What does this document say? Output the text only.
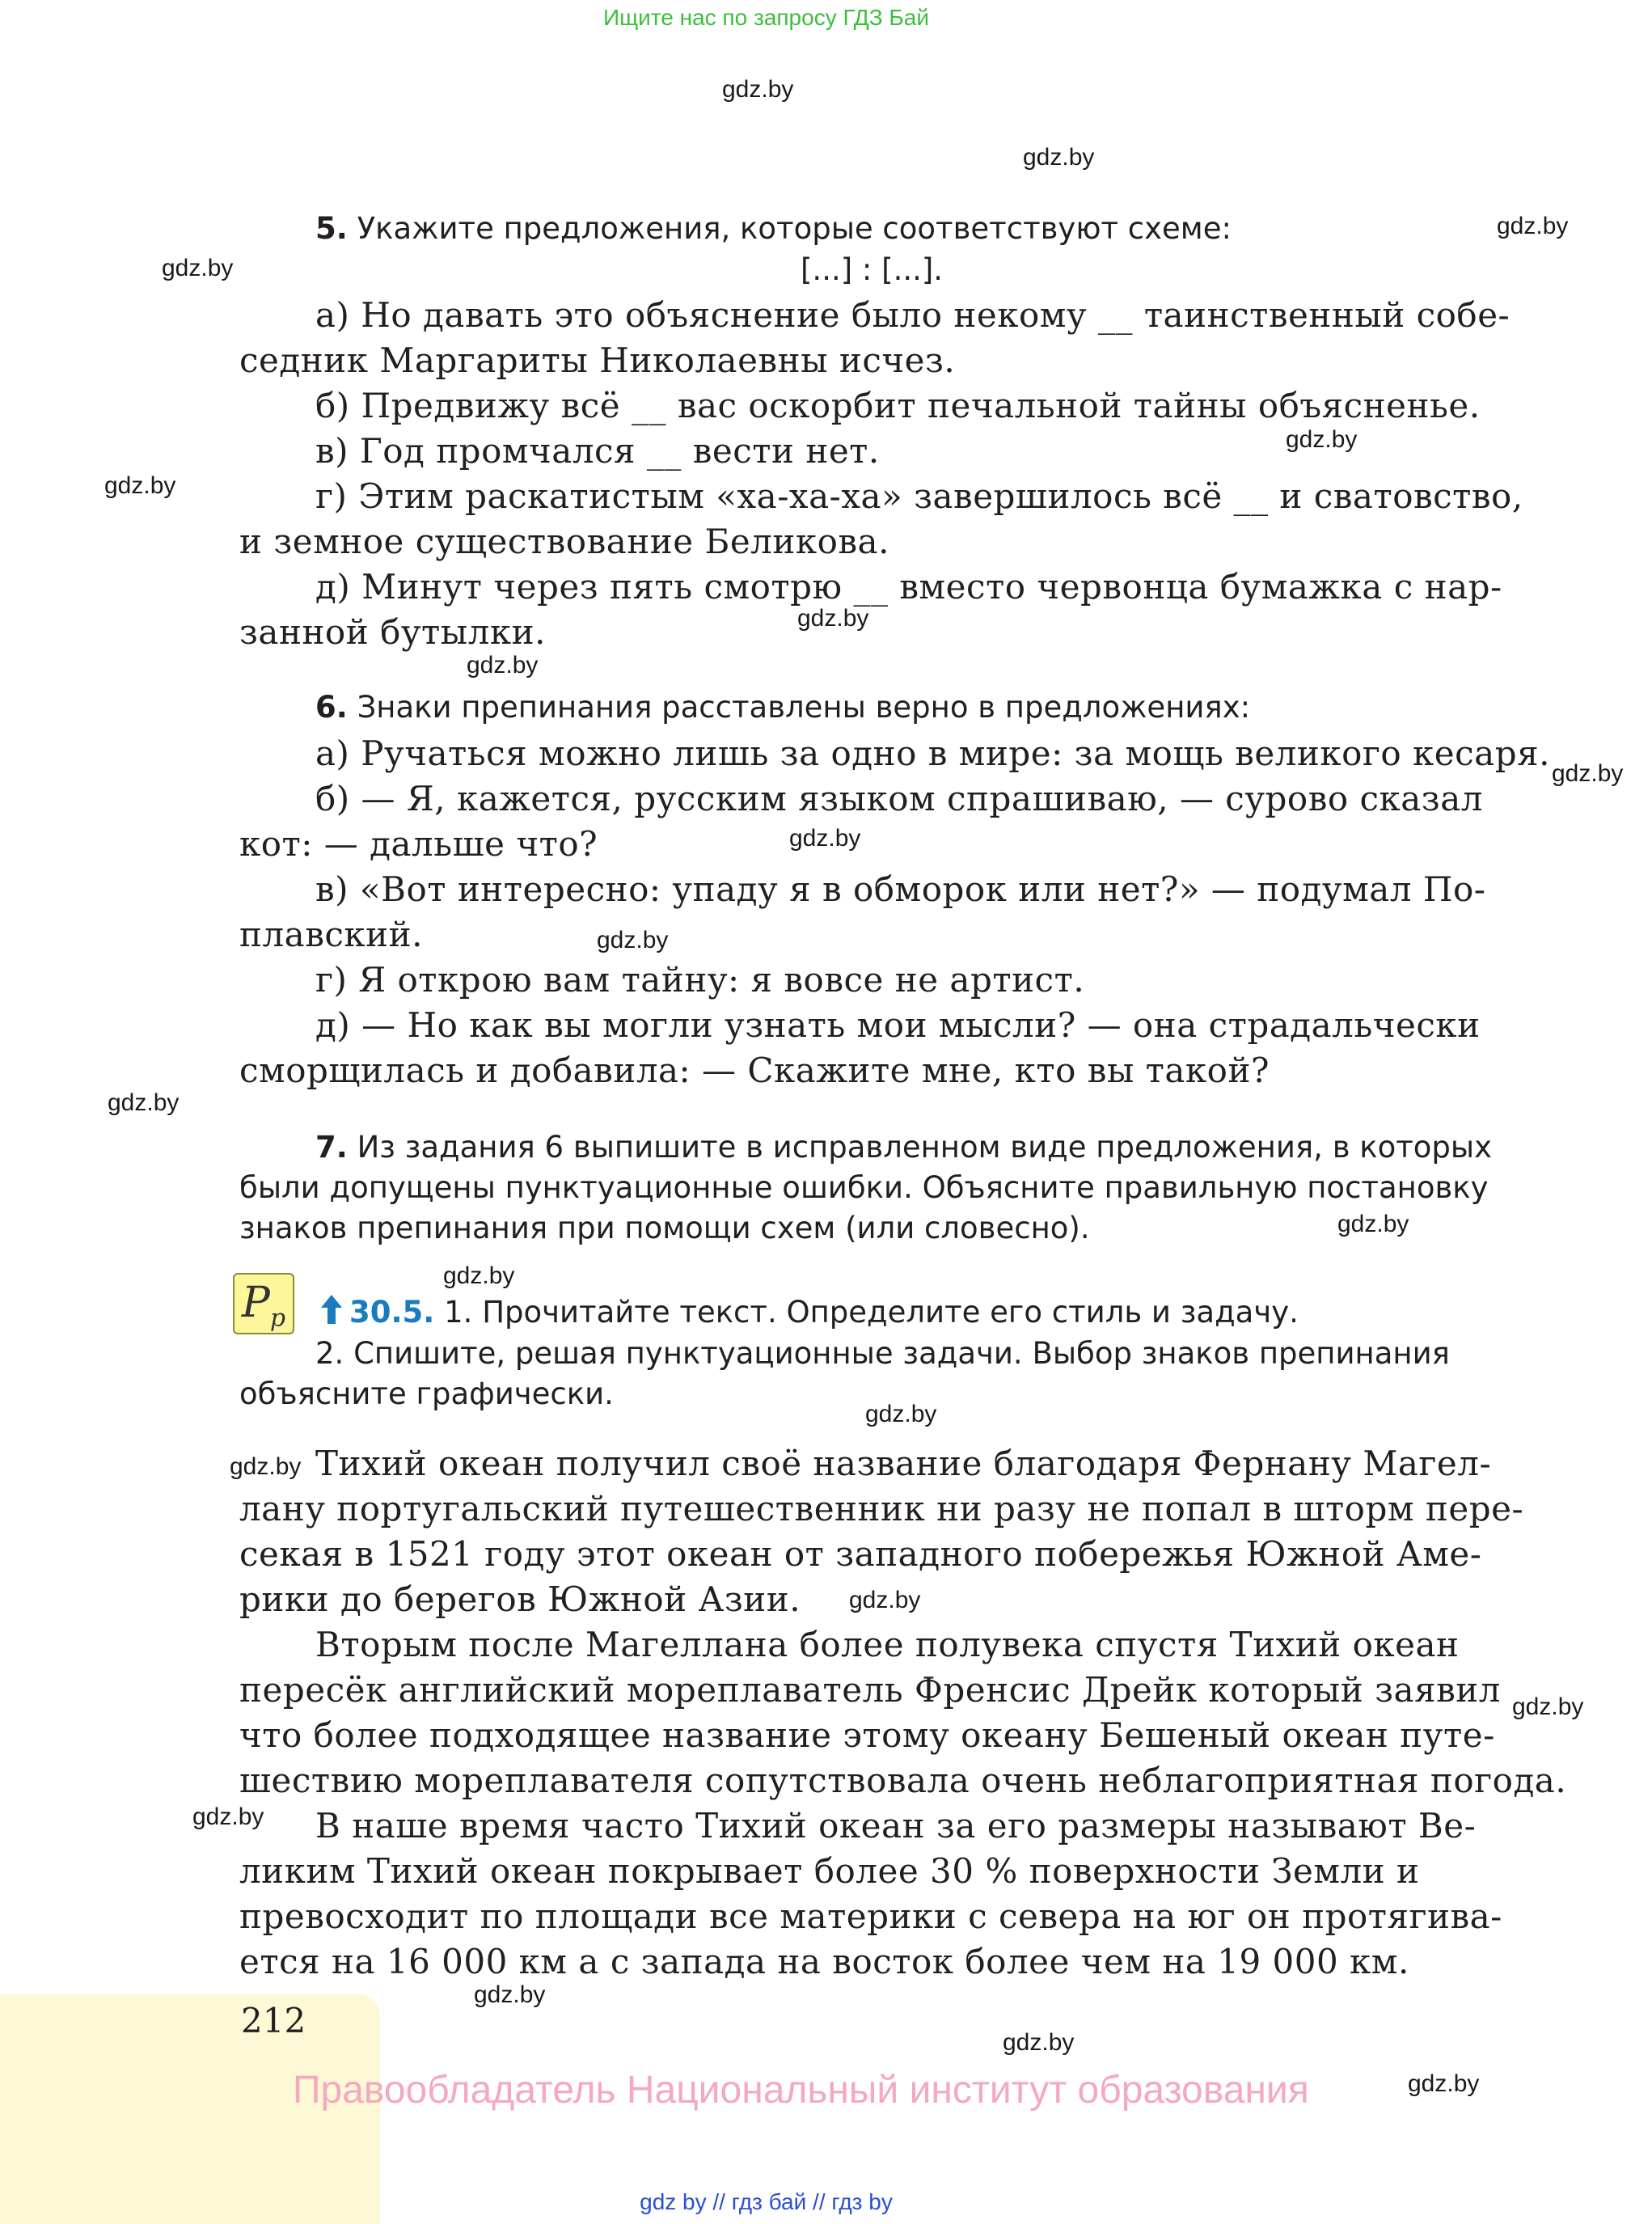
Ищите нас по запросу ГДЗ Бай
gdz.by
gdz.by
gdz.by
gdz.by
gdz.by
gdz.by
gdz.by
gdz.by
gdz.by
gdz.by
gdz.by
gdz.by
gdz.by
gdz.by
gdz.by
gdz.by
gdz.by
gdz.by
gdz.by
gdz.by
gdz.by
gdz.by
5. Укажите предложения, которые соответствуют схеме:
[...] : [...].
а) Но давать это объяснение было некому __ таинственный собе-
седник Маргариты Николаевны исчез.
б) Предвижу всё __ вас оскорбит печальной тайны объясненье.
в) Год промчался __ вести нет.
г) Этим раскатистым «ха-ха-ха» завершилось всё __ и сватовство,
и земное существование Беликова.
д) Минут через пять смотрю __ вместо червонца бумажка с нар-
занной бутылки.
6. Знаки препинания расставлены верно в предложениях:
а) Ручаться можно лишь за одно в мире: за мощь великого кесаря.
б) — Я, кажется, русским языком спрашиваю, — сурово сказал
кот: — дальше что?
в) «Вот интересно: упаду я в обморок или нет?» — подумал По-
плавский.
г) Я открою вам тайну: я вовсе не артист.
д) — Но как вы могли узнать мои мысли? — она страдальчески
сморщилась и добавила: — Скажите мне, кто вы такой?
7. Из задания 6 выпишите в исправленном виде предложения, в которых
были допущены пунктуационные ошибки. Объясните правильную постановку
знаков препинания при помощи схем (или словесно).
$P_p$ 30.5. 1. Прочитайте текст. Определите его стиль и задачу.
2. Спишите, решая пунктуационные задачи. Выбор знаков препинания
объясните графически.
Тихий океан получил своё название благодаря Фернану Магел-
лану португальский путешественник ни разу не попал в шторм пере-
секая в 1521 году этот океан от западного побережья Южной Аме-
рики до берегов Южной Азии.
Вторым после Магеллана более полувека спустя Тихий океан
пересёк английский мореплаватель Френсис Дрейк который заявил
что более подходящее название этому океану Бешеный океан путе-
шествию мореплавателя сопутствовала очень неблагоприятная погода.
В наше время часто Тихий океан за его размеры называют Ве-
ликим Тихий океан покрывает более 30 % поверхности Земли и
превосходит по площади все материки с севера на юг он протягива-
ется на 16 000 км а с запада на восток более чем на 19 000 км.
212
Правообладатель Национальный институт образования
gdz by // гдз бай // гдз by
